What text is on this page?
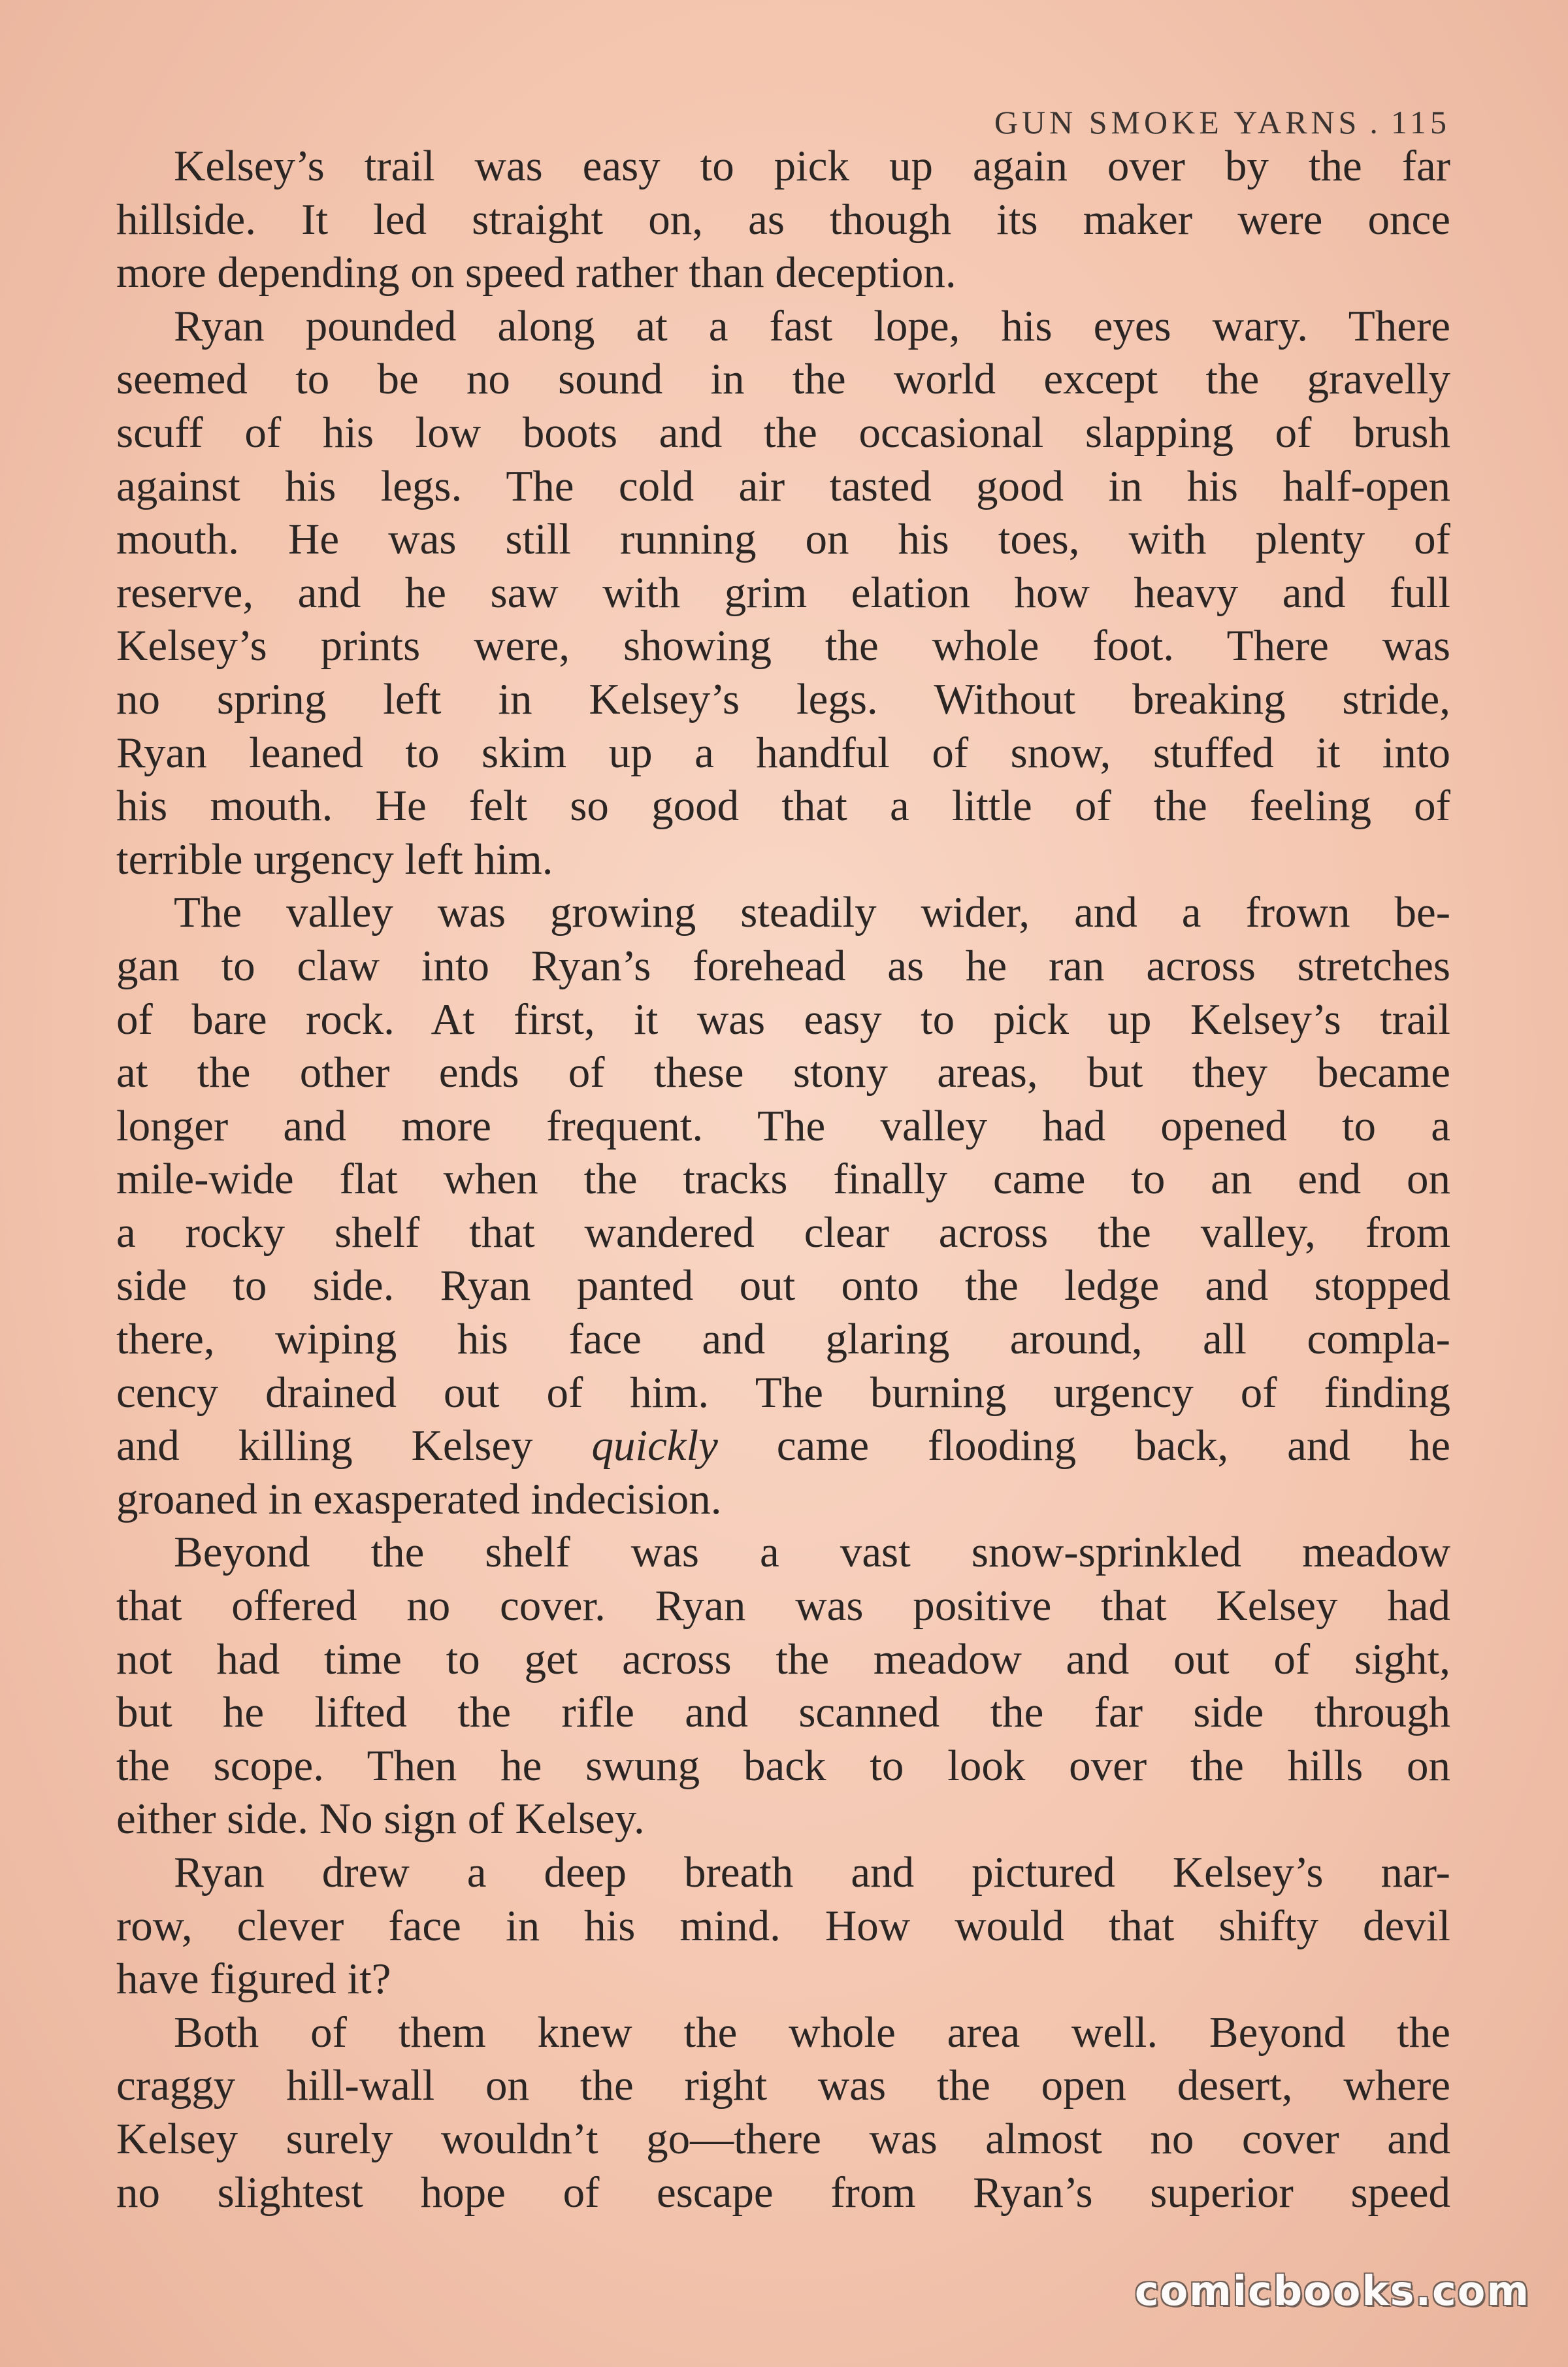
GUN SMOKE YARNS . 115
Kelsey’s trail was easy to pick up again over by the far
hillside. It led straight on, as though its maker were once
more depending on speed rather than deception.
Ryan pounded along at a fast lope, his eyes wary. There
seemed to be no sound in the world except the gravelly
scuff of his low boots and the occasional slapping of brush
against his legs. The cold air tasted good in his half-open
mouth. He was still running on his toes, with plenty of
reserve, and he saw with grim elation how heavy and full
Kelsey’s prints were, showing the whole foot. There was
no spring left in Kelsey’s legs. Without breaking stride,
Ryan leaned to skim up a handful of snow, stuffed it into
his mouth. He felt so good that a little of the feeling of
terrible urgency left him.
The valley was growing steadily wider, and a frown be-
gan to claw into Ryan’s forehead as he ran across stretches
of bare rock. At first, it was easy to pick up Kelsey’s trail
at the other ends of these stony areas, but they became
longer and more frequent. The valley had opened to a
mile-wide flat when the tracks finally came to an end on
a rocky shelf that wandered clear across the valley, from
side to side. Ryan panted out onto the ledge and stopped
there, wiping his face and glaring around, all compla-
cency drained out of him. The burning urgency of finding
and killing Kelsey quickly came flooding back, and he
groaned in exasperated indecision.
Beyond the shelf was a vast snow-sprinkled meadow
that offered no cover. Ryan was positive that Kelsey had
not had time to get across the meadow and out of sight,
but he lifted the rifle and scanned the far side through
the scope. Then he swung back to look over the hills on
either side. No sign of Kelsey.
Ryan drew a deep breath and pictured Kelsey’s nar-
row, clever face in his mind. How would that shifty devil
have figured it?
Both of them knew the whole area well. Beyond the
craggy hill-wall on the right was the open desert, where
Kelsey surely wouldn’t go—there was almost no cover and
no slightest hope of escape from Ryan’s superior speed
comicbooks.com
